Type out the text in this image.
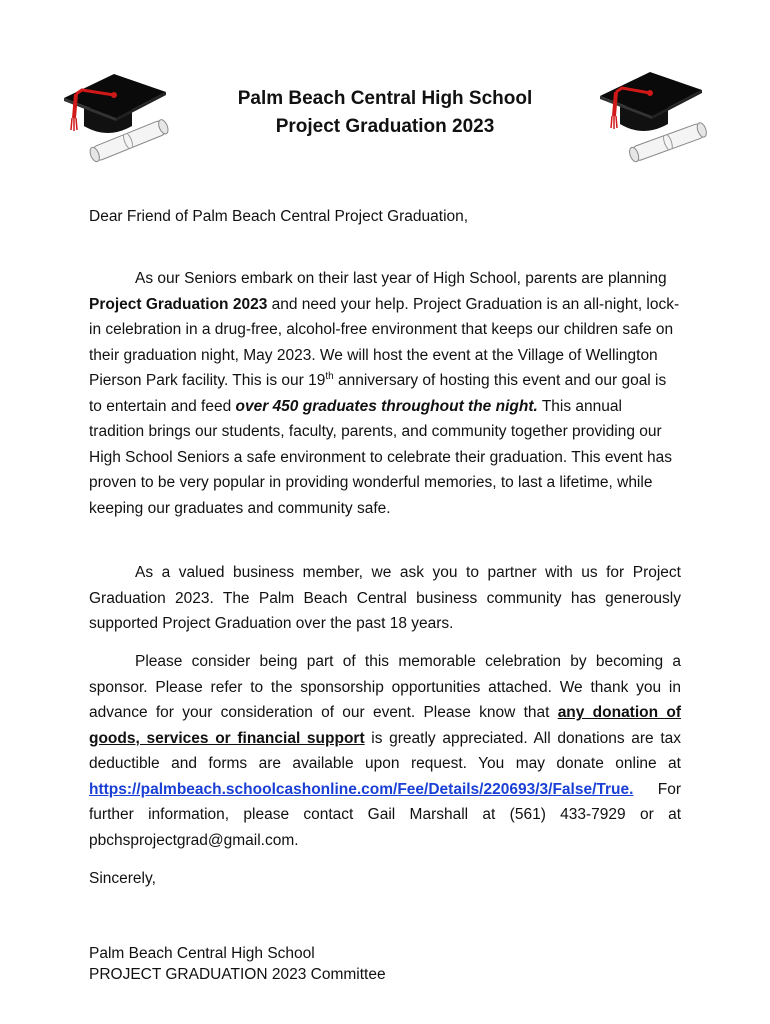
Palm Beach Central High School
Project Graduation 2023
Dear Friend of Palm Beach Central Project Graduation,
As our Seniors embark on their last year of High School, parents are planning Project Graduation 2023 and need your help. Project Graduation is an all-night, lock-in celebration in a drug-free, alcohol-free environment that keeps our children safe on their graduation night, May 2023. We will host the event at the Village of Wellington Pierson Park facility. This is our 19th anniversary of hosting this event and our goal is to entertain and feed over 450 graduates throughout the night. This annual tradition brings our students, faculty, parents, and community together providing our High School Seniors a safe environment to celebrate their graduation. This event has proven to be very popular in providing wonderful memories, to last a lifetime, while keeping our graduates and community safe.
As a valued business member, we ask you to partner with us for Project Graduation 2023. The Palm Beach Central business community has generously supported Project Graduation over the past 18 years.
Please consider being part of this memorable celebration by becoming a sponsor. Please refer to the sponsorship opportunities attached. We thank you in advance for your consideration of our event. Please know that any donation of goods, services or financial support is greatly appreciated. All donations are tax deductible and forms are available upon request. You may donate online at https://palmbeach.schoolcashonline.com/Fee/Details/220693/3/False/True. For further information, please contact Gail Marshall at (561) 433-7929 or at pbchsprojectgrad@gmail.com.
Sincerely,
Palm Beach Central High School
PROJECT GRADUATION 2023 Committee
